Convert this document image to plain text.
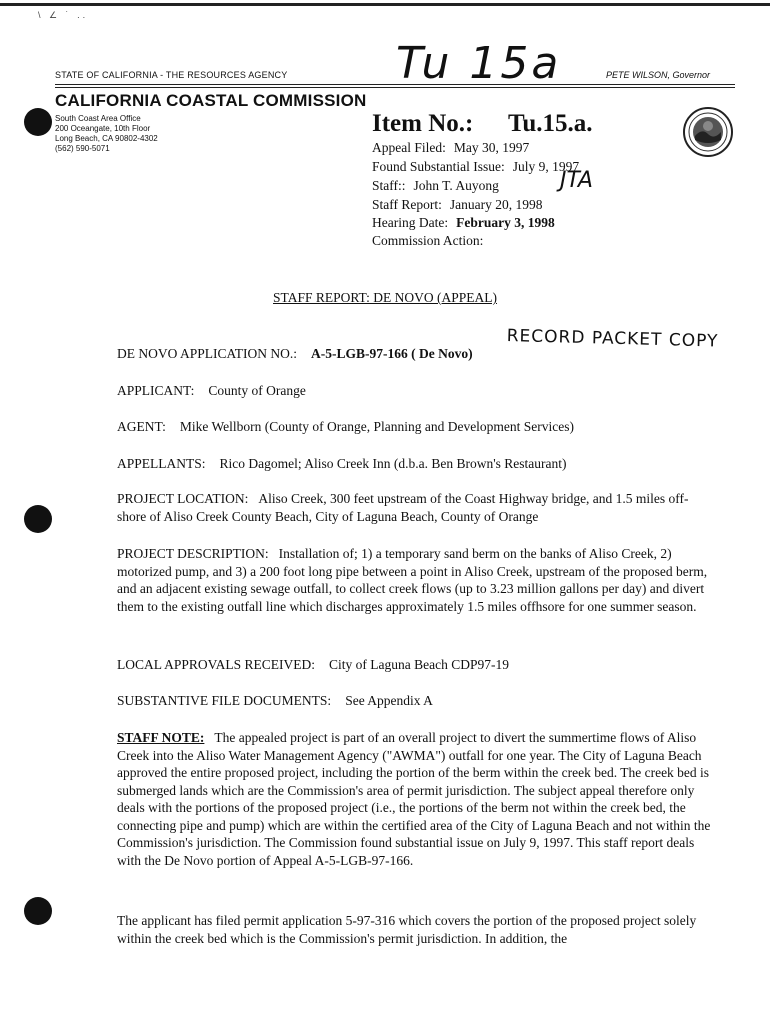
\ ∠ ˙ ..
STATE OF CALIFORNIA - THE RESOURCES AGENCY	PETE WILSON, Governor
CALIFORNIA COASTAL COMMISSION
South Coast Area Office
200 Oceangate, 10th Floor
Long Beach, CA 90802-4302
(562) 590-5071
Tu 15a
Item No.: Tu.15.a.
Appeal Filed: May 30, 1997
Found Substantial Issue: July 9, 1997
Staff:: John T. Auyong	JTA
Staff Report: January 20, 1998
Hearing Date: February 3, 1998
Commission Action:
STAFF REPORT: DE NOVO (APPEAL)
RECORD PACKET COPY
DE NOVO APPLICATION NO.: A-5-LGB-97-166 ( De Novo)
APPLICANT: County of Orange
AGENT: Mike Wellborn (County of Orange, Planning and Development Services)
APPELLANTS: Rico Dagomel; Aliso Creek Inn (d.b.a. Ben Brown's Restaurant)
PROJECT LOCATION: Aliso Creek, 300 feet upstream of the Coast Highway bridge, and 1.5 miles off-shore of Aliso Creek County Beach, City of Laguna Beach, County of Orange
PROJECT DESCRIPTION: Installation of; 1) a temporary sand berm on the banks of Aliso Creek, 2) motorized pump, and 3) a 200 foot long pipe between a point in Aliso Creek, upstream of the proposed berm, and an adjacent existing sewage outfall, to collect creek flows (up to 3.23 million gallons per day) and divert them to the existing outfall line which discharges approximately 1.5 miles offhsore for one summer season.
LOCAL APPROVALS RECEIVED: City of Laguna Beach CDP97-19
SUBSTANTIVE FILE DOCUMENTS: See Appendix A
STAFF NOTE: The appealed project is part of an overall project to divert the summertime flows of Aliso Creek into the Aliso Water Management Agency ("AWMA") outfall for one year. The City of Laguna Beach approved the entire proposed project, including the portion of the berm within the creek bed. The creek bed is submerged lands which are the Commission's area of permit jurisdiction. The subject appeal therefore only deals with the portions of the proposed project (i.e., the portions of the berm not within the creek bed, the connecting pipe and pump) which are within the certified area of the City of Laguna Beach and not within the Commission's jurisdiction. The Commission found substantial issue on July 9, 1997. This staff report deals with the De Novo portion of Appeal A-5-LGB-97-166.
The applicant has filed permit application 5-97-316 which covers the portion of the proposed project solely within the creek bed which is the Commission's permit jurisdiction. In addition, the
